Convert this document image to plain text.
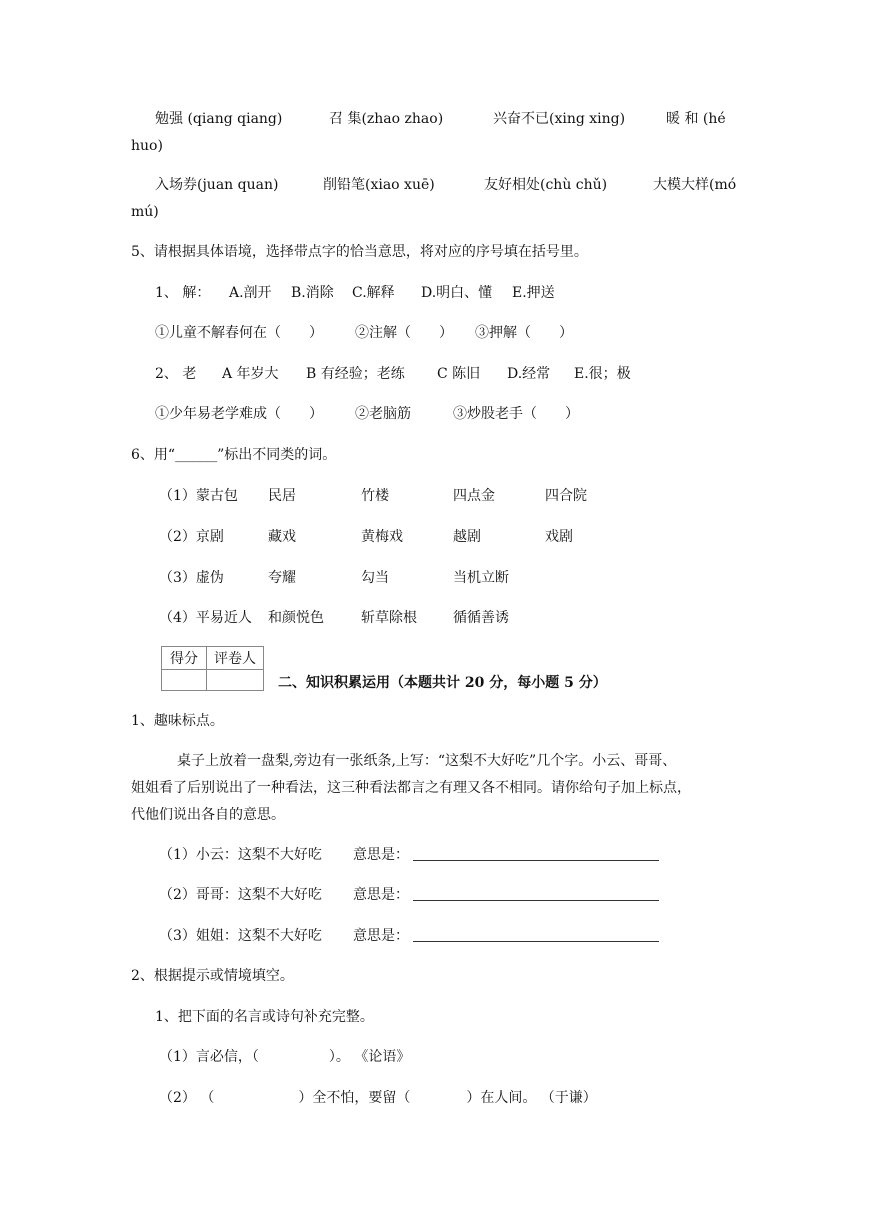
勉强 (qiang qiang)	召 集(zhao zhao)	兴奋不已(xing xing)	暖 和 (hé
huo)
入场券(juan quan)	削铅笔(xiao xuē)	友好相处(chù chǔ)	大模大样(mó
mú)
5、请根据具体语境，选择带点字的恰当意思，将对应的序号填在括号里。
1、 解： A.剖开 B.消除 C.解释 D.明白、懂 E.押送
①儿童不解春何在（　　） ②注解（　　） ③押解（　　）
2、 老 A 年岁大 B 有经验；老练 C 陈旧 D.经常 E.很；极
①少年易老学难成（　　） ②老脑筋	③炒股老手（　　）
6、用“______”标出不同类的词。
（1）蒙古包 民居	竹楼	四点金	四合院
（2）京剧	藏戏	黄梅戏	越剧	戏剧
（3）虚伪	夸耀	勾当	当机立断
（4）平易近人 和颜悦色	斩草除根	循循善诱
得分	评卷人

二、知识积累运用（本题共计 20 分，每小题 5 分）
1、趣味标点。
桌子上放着一盘梨,旁边有一张纸条,上写：“这梨不大好吃”几个字。小云、哥哥、
姐姐看了后别说出了一种看法，这三种看法都言之有理又各不相同。请你给句子加上标点，
代他们说出各自的意思。
（1）小云：这梨不大好吃 意思是：
（2）哥哥：这梨不大好吃 意思是：
（3）姐姐：这梨不大好吃 意思是：
2、根据提示或情境填空。
1、把下面的名言或诗句补充完整。
（1）言必信，（　　　　　）。 《论语》
（2） （　　　　　　）全不怕，要留（　　　　）在人间。 （于谦）
